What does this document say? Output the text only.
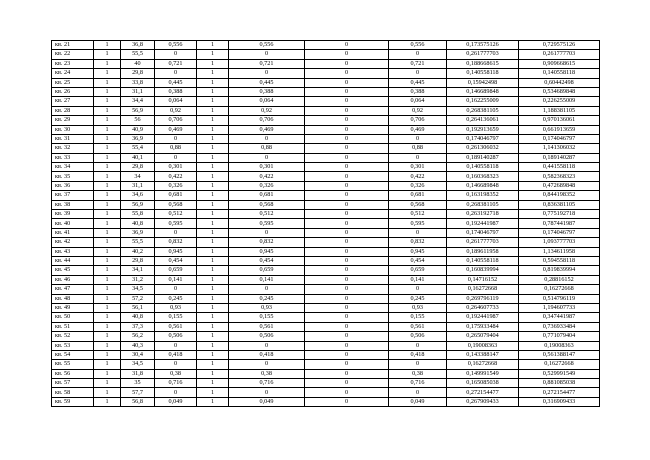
кв. 21	1	36,8	0,556	1	0,556	0	0,556	0,173575126	0,729575126
кв. 22	1	55,5	0	1	0	0	0	0,261777703	0,261777703
кв. 23	1	40	0,721	1	0,721	0	0,721	0,188668615	0,909668615
кв. 24	1	29,8	0	1	0	0	0	0,140558118	0,140558118
кв. 25	1	33,8	0,445	1	0,445	0	0,445	0,15942498	0,60442498
кв. 26	1	31,1	0,388	1	0,388	0	0,388	0,146689848	0,534689848
кв. 27	1	34,4	0,064	1	0,064	0	0,064	0,162255009	0,226255009
кв. 28	1	56,9	0,92	1	0,92	0	0,92	0,268381105	1,188381105
кв. 29	1	56	0,706	1	0,706	0	0,706	0,264136061	0,970136061
кв. 30	1	40,9	0,469	1	0,469	0	0,469	0,192913659	0,661913659
кв. 31	1	36,9	0	1	0	0	0	0,174046797	0,174046797
кв. 32	1	55,4	0,88	1	0,88	0	0,88	0,261306032	1,141306032
кв. 33	1	40,1	0	1	0	0	0	0,189140287	0,189140287
кв. 34	1	29,8	0,301	1	0,301	0	0,301	0,140558118	0,441558118
кв. 35	1	34	0,422	1	0,422	0	0,422	0,160368323	0,582368323
кв. 36	1	31,1	0,326	1	0,326	0	0,326	0,146689848	0,472689848
кв. 37	1	34,6	0,681	1	0,681	0	0,681	0,163198352	0,844198352
кв. 38	1	56,9	0,568	1	0,568	0	0,568	0,268381105	0,836381105
кв. 39	1	55,8	0,512	1	0,512	0	0,512	0,263192718	0,775192718
кв. 40	1	40,8	0,595	1	0,595	0	0,595	0,192441987	0,787441987
кв. 41	1	36,9	0	1	0	0	0	0,174046797	0,174046797
кв. 42	1	55,5	0,832	1	0,832	0	0,832	0,261777703	1,093777703
кв. 43	1	40,2	0,945	1	0,945	0	0,945	0,189611958	1,134611958
кв. 44	1	29,8	0,454	1	0,454	0	0,454	0,140558118	0,594558118
кв. 45	1	34,1	0,659	1	0,659	0	0,659	0,160839994	0,819839994
кв. 46	1	31,2	0,141	1	0,141	0	0,141	0,14716152	0,28816152
кв. 47	1	34,5	0	1	0	0	0	0,16272668	0,16272668
кв. 48	1	57,2	0,245	1	0,245	0	0,245	0,269796119	0,514796119
кв. 49	1	56,1	0,93	1	0,93	0	0,93	0,264607733	1,194607733
кв. 50	1	40,8	0,155	1	0,155	0	0,155	0,192441987	0,347441987
кв. 51	1	37,3	0,561	1	0,561	0	0,561	0,175933484	0,736933484
кв. 52	1	56,2	0,506	1	0,506	0	0,506	0,265079404	0,771079404
кв. 53	1	40,3	0	1	0	0	0	0,19008363	0,19008363
кв. 54	1	30,4	0,418	1	0,418	0	0,418	0,143388147	0,561388147
кв. 55	1	34,5	0	1	0	0	0	0,16272668	0,16272668
кв. 56	1	31,8	0,38	1	0,38	0	0,38	0,149991549	0,529991549
кв. 57	1	35	0,716	1	0,716	0	0,716	0,165085038	0,881085038
кв. 58	1	57,7	0	1	0	0	0	0,272154477	0,272154477
кв. 59	1	56,8	0,049	1	0,049	0	0,049	0,267909433	0,316909433
